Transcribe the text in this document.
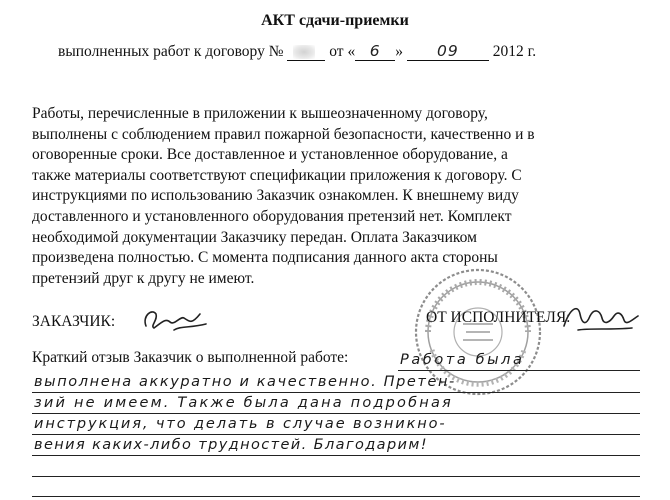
АКТ сдачи-приемки
выполненных работ к договору №	от « 6 » 09 2012 г.
Работы, перечисленные в приложении к вышеозначенному договору,
выполнены с соблюдением правил пожарной безопасности, качественно и в
оговоренные сроки. Все доставленное и установленное оборудование, а
также материалы соответствуют спецификации приложения к договору. С
инструкциями по использованию Заказчик ознакомлен. К внешнему виду
доставленного и установленного оборудования претензий нет. Комплект
необходимой документации Заказчику передан. Оплата Заказчиком
произведена полностью. С момента подписания данного акта стороны
претензий друг к другу не имеют.
ЗАКАЗЧИК:	ОТ ИСПОЛНИТЕЛЯ:
Краткий отзыв Заказчик о выполненной работе:	Работа была
выполнена аккуратно и качественно. Претен-
зий не имеем. Также была дана подробная
инструкция, что делать в случае возникно-
вения каких-либо трудностей. Благодарим!
